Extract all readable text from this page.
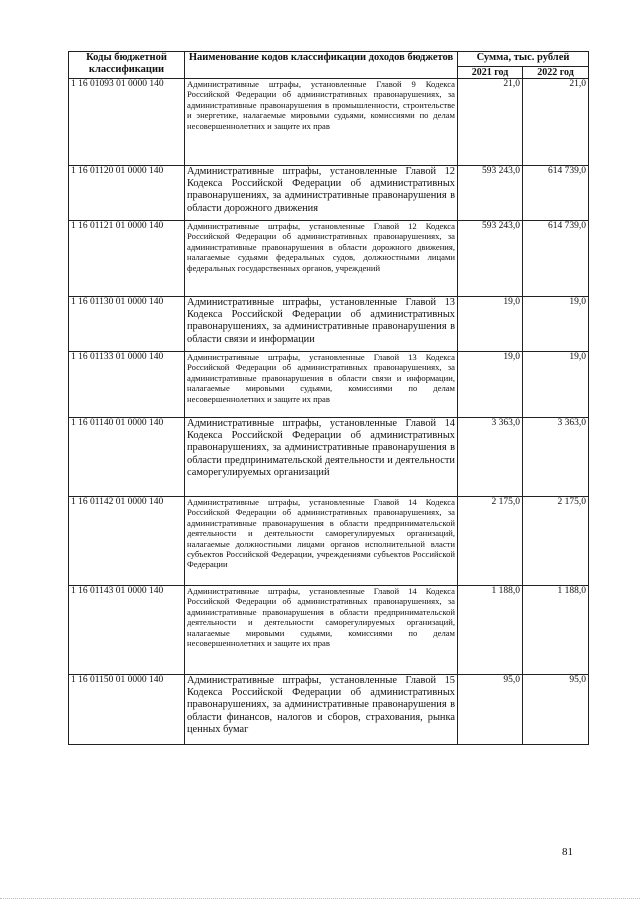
Коды бюджетной классификации	Наименование кодов классификации доходов бюджетов	Сумма, тыс. рублей	
		2021 год	2022 год
1 16 01093 01 0000 140	Административные штрафы, установленные Главой 9 Кодекса Российской Федерации об административных правонарушениях, за административные правонарушения в промышленности, строительстве и энергетике, налагаемые мировыми судьями, комиссиями по делам несовершеннолетних и защите их прав	21,0	21,0
1 16 01120 01 0000 140	Административные штрафы, установленные Главой 12 Кодекса Российской Федерации об административных правонарушениях, за административные правонарушения в области дорожного движения	593 243,0	614 739,0
1 16 01121 01 0000 140	Административные штрафы, установленные Главой 12 Кодекса Российской Федерации об административных правонарушениях, за административные правонарушения в области дорожного движения, налагаемые судьями федеральных судов, должностными лицами федеральных государственных органов, учреждений	593 243,0	614 739,0
1 16 01130 01 0000 140	Административные штрафы, установленные Главой 13 Кодекса Российской Федерации об административных правонарушениях, за административные правонарушения в области связи и информации	19,0	19,0
1 16 01133 01 0000 140	Административные штрафы, установленные Главой 13 Кодекса Российской Федерации об административных правонарушениях, за административные правонарушения в области связи и информации, налагаемые мировыми судьями, комиссиями по делам несовершеннолетних и защите их прав	19,0	19,0
1 16 01140 01 0000 140	Административные штрафы, установленные Главой 14 Кодекса Российской Федерации об административных правонарушениях, за административные правонарушения в области предпринимательской деятельности и деятельности саморегулируемых организаций	3 363,0	3 363,0
1 16 01142 01 0000 140	Административные штрафы, установленные Главой 14 Кодекса Российской Федерации об административных правонарушениях, за административные правонарушения в области предпринимательской деятельности и деятельности саморегулируемых организаций, налагаемые должностными лицами органов исполнительной власти субъектов Российской Федерации, учреждениями субъектов Российской Федерации	2 175,0	2 175,0
1 16 01143 01 0000 140	Административные штрафы, установленные Главой 14 Кодекса Российской Федерации об административных правонарушениях, за административные правонарушения в области предпринимательской деятельности и деятельности саморегулируемых организаций, налагаемые мировыми судьями, комиссиями по делам несовершеннолетних и защите их прав	1 188,0	1 188,0
1 16 01150 01 0000 140	Административные штрафы, установленные Главой 15 Кодекса Российской Федерации об административных правонарушениях, за административные правонарушения в области финансов, налогов и сборов, страхования, рынка ценных бумаг	95,0	95,0
81
